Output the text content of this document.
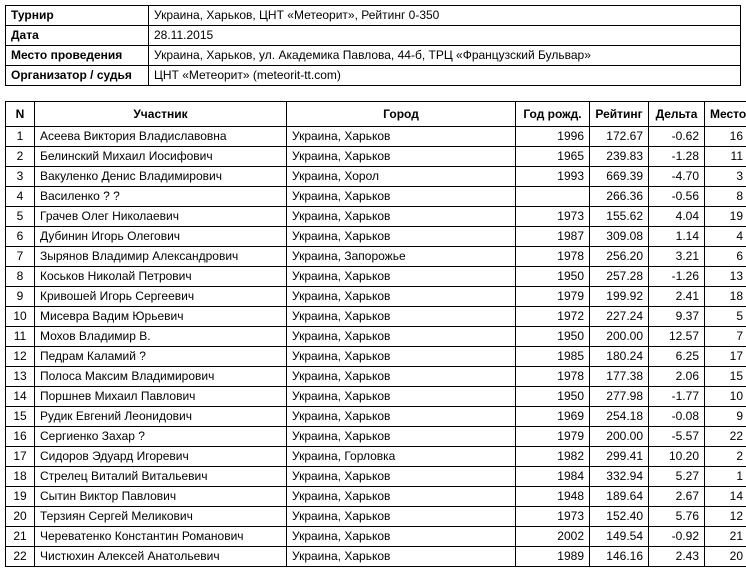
Турнир	Украина, Харьков, ЦНТ «Метеорит», Рейтинг 0-350
Дата	28.11.2015
Место проведения	Украина, Харьков, ул. Академика Павлова, 44-б, ТРЦ «Французский Бульвар»
Организатор / судья	ЦНТ «Метеорит» (meteorit-tt.com)
N	Участник	Город	Год рожд.	Рейтинг	Дельта	Место
1	Асеева Виктория Владиславовна	Украина, Харьков	1996	172.67	-0.62	16
2	Белинский Михаил Иосифович	Украина, Харьков	1965	239.83	-1.28	11
3	Вакуленко Денис Владимирович	Украина, Хорол	1993	669.39	-4.70	3
4	Василенко ? ?	Украина, Харьков		266.36	-0.56	8
5	Грачев Олег Николаевич	Украина, Харьков	1973	155.62	4.04	19
6	Дубинин Игорь Олегович	Украина, Харьков	1987	309.08	1.14	4
7	Зырянов Владимир Александрович	Украина, Запорожье	1978	256.20	3.21	6
8	Коськов Николай Петрович	Украина, Харьков	1950	257.28	-1.26	13
9	Кривошей Игорь Сергеевич	Украина, Харьков	1979	199.92	2.41	18
10	Мисевра Вадим Юрьевич	Украина, Харьков	1972	227.24	9.37	5
11	Мохов Владимир В.	Украина, Харьков	1950	200.00	12.57	7
12	Педрам Каламий ?	Украина, Харьков	1985	180.24	6.25	17
13	Полоса Максим Владимирович	Украина, Харьков	1978	177.38	2.06	15
14	Поршнев Михаил Павлович	Украина, Харьков	1950	277.98	-1.77	10
15	Рудик Евгений Леонидович	Украина, Харьков	1969	254.18	-0.08	9
16	Сергиенко Захар ?	Украина, Харьков	1979	200.00	-5.57	22
17	Сидоров Эдуард Игоревич	Украина, Горловка	1982	299.41	10.20	2
18	Стрелец Виталий Витальевич	Украина, Харьков	1984	332.94	5.27	1
19	Сытин Виктор Павлович	Украина, Харьков	1948	189.64	2.67	14
20	Терзиян Сергей Меликович	Украина, Харьков	1973	152.40	5.76	12
21	Череватенко Константин Романович	Украина, Харьков	2002	149.54	-0.92	21
22	Чистюхин Алексей Анатольевич	Украина, Харьков	1989	146.16	2.43	20
